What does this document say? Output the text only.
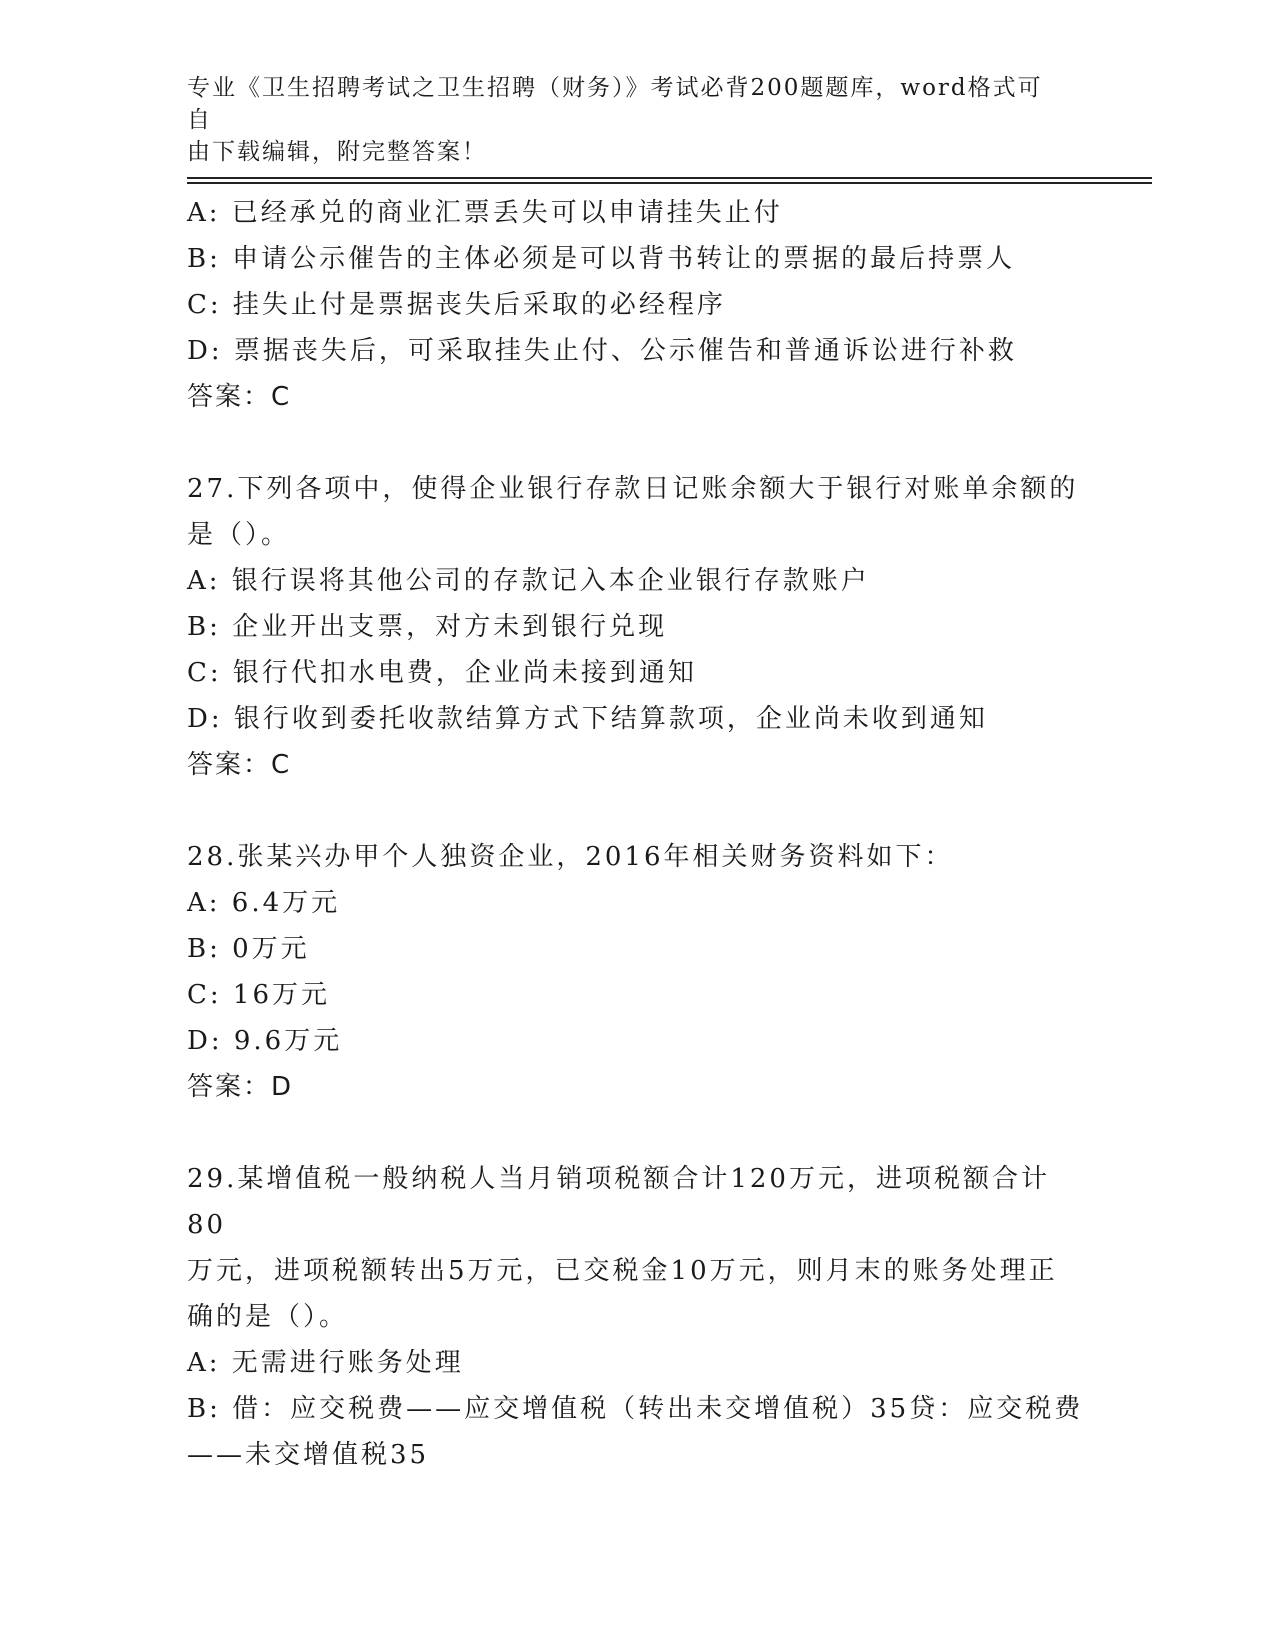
专业《卫生招聘考试之卫生招聘（财务）》考试必背200题题库，word格式可自
由下载编辑，附完整答案！
A: 已经承兑的商业汇票丢失可以申请挂失止付
B: 申请公示催告的主体必须是可以背书转让的票据的最后持票人
C: 挂失止付是票据丧失后采取的必经程序
D: 票据丧失后，可采取挂失止付、公示催告和普通诉讼进行补救
答案：C
27.下列各项中，使得企业银行存款日记账余额大于银行对账单余额的
是（）。
A: 银行误将其他公司的存款记入本企业银行存款账户
B: 企业开出支票，对方未到银行兑现
C: 银行代扣水电费，企业尚未接到通知
D: 银行收到委托收款结算方式下结算款项，企业尚未收到通知
答案：C
28.张某兴办甲个人独资企业，2016年相关财务资料如下：
A: 6.4万元
B: 0万元
C: 16万元
D: 9.6万元
答案：D
29.某增值税一般纳税人当月销项税额合计120万元，进项税额合计80
万元，进项税额转出5万元，已交税金10万元，则月末的账务处理正
确的是（）。
A: 无需进行账务处理
B: 借：应交税费——应交增值税（转出未交增值税）35贷：应交税费
——未交增值税35
